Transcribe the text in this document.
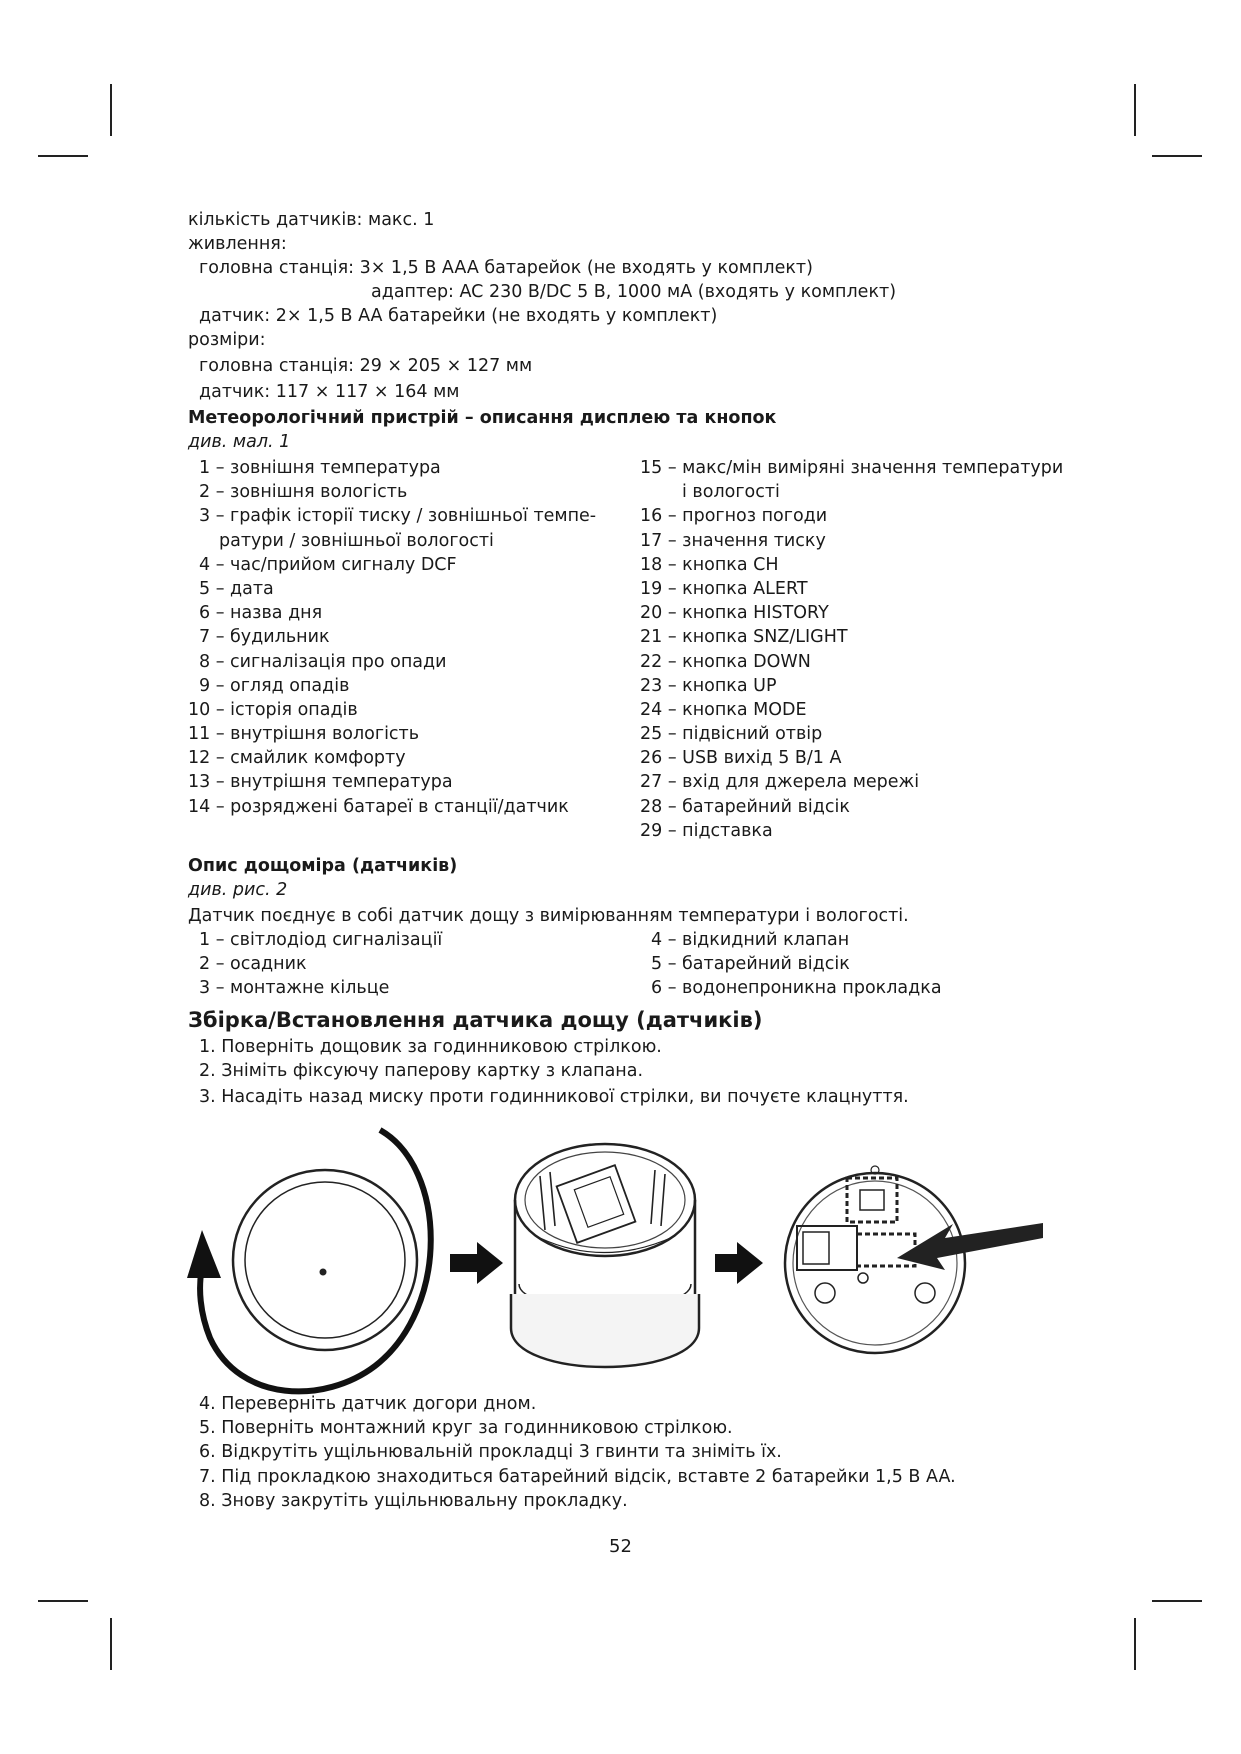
кількість датчиків: макс. 1
живлення:
головна станція: 3× 1,5 В AAA батарейок (не входять у комплект)
адаптер: AC 230 В/DC 5 В, 1000 мА (входять у комплект)
датчик: 2× 1,5 В AA батарейки (не входять у комплект)
розміри:
головна станція: 29 × 205 × 127 мм
датчик: 117 × 117 × 164 мм
Метеорологічний пристрій – описання дисплею та кнопок
див. мал. 1
1 – зовнішня температура
2 – зовнішня вологість
3 – графік історії тиску / зовнішньої темпе-
ратури / зовнішньої вологості
4 – час/прийом сигналу DCF
5 – дата
6 – назва дня
7 – будильник
8 – сигналізація про опади
9 – огляд опадів
10 – історія опадів
11 – внутрішня вологість
12 – смайлик комфорту
13 – внутрішня температура
14 – розряджені батареї в станції/датчик
15 – макс/мін виміряні значення температури
і вологості
16 – прогноз погоди
17 – значення тиску
18 – кнопка CH
19 – кнопка ALERT
20 – кнопка HISTORY
21 – кнопка SNZ/LIGHT
22 – кнопка DOWN
23 – кнопка UP
24 – кнопка MODE
25 – підвісний отвір
26 – USB вихід 5 В/1 А
27 – вхід для джерела мережі
28 – батарейний відсік
29 – підставка
Опис дощоміра (датчиків)
див. рис. 2
Датчик поєднує в собі датчик дощу з вимірюванням температури і вологості.
1 – світлодіод сигналізації
2 – осадник
3 – монтажне кільце
4 – відкидний клапан
5 – батарейний відсік
6 – водонепроникна прокладка
Збірка/Встановлення датчика дощу (датчиків)
1. Поверніть дощовик за годинниковою стрілкою.
2. Зніміть фіксуючу паперову картку з клапана.
3. Насадіть назад миску проти годинникової стрілки, ви почуєте клацнуття.
4. Переверніть датчик догори дном.
5. Поверніть монтажний круг за годинниковою стрілкою.
6. Відкрутіть ущільнювальній прокладці 3 гвинти та зніміть їх.
7. Під прокладкою знаходиться батарейний відсік, вставте 2 батарейки 1,5 В AA.
8. Знову закрутіть ущільнювальну прокладку.
52
